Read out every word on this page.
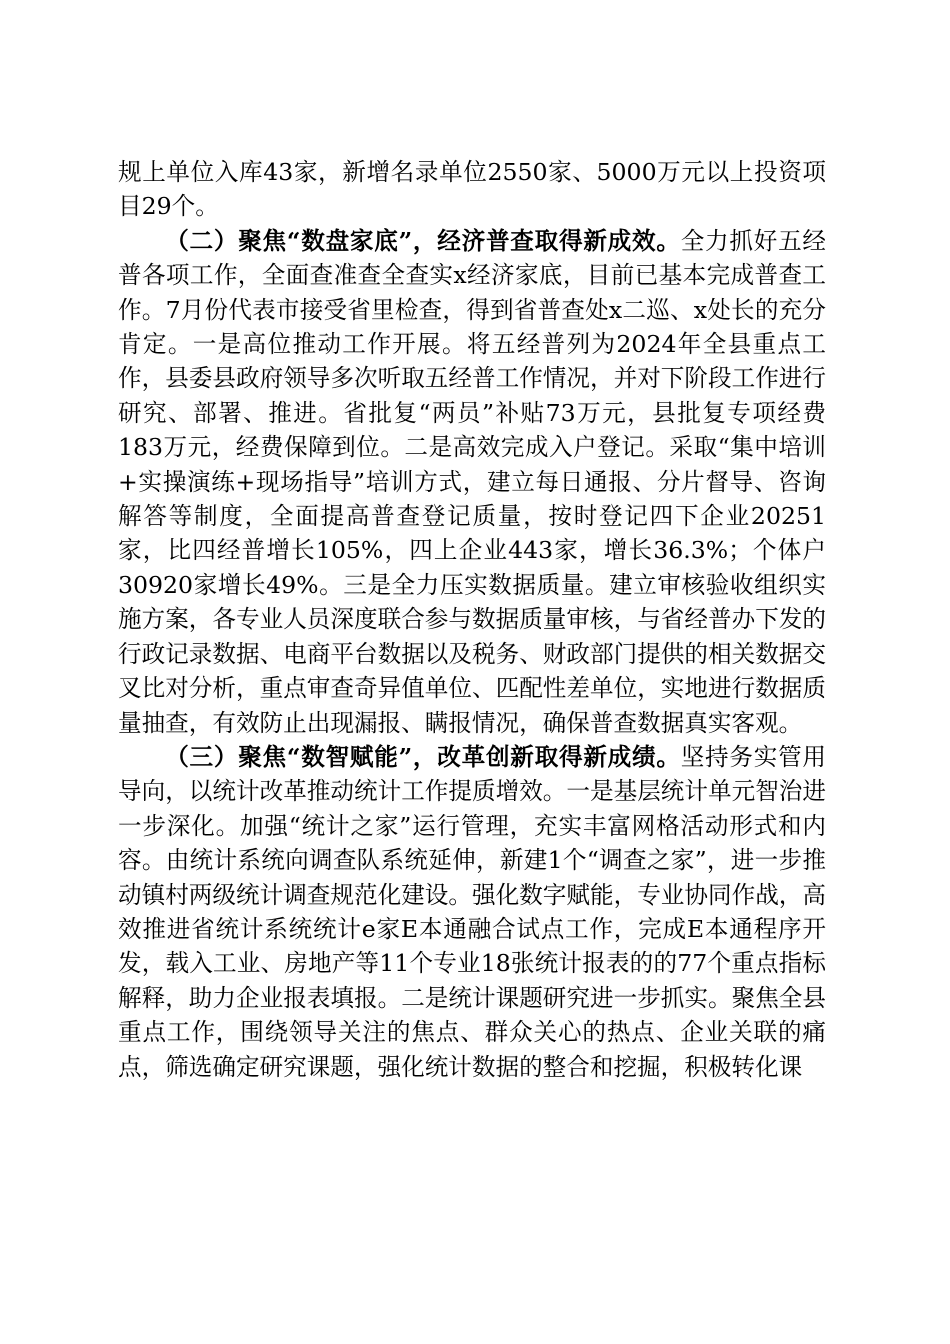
规上单位入库43家，新增名录单位2550家、5000万元以上投资项目29个。

（二）聚焦“数盘家底”，经济普查取得新成效。全力抓好五经普各项工作，全面查准查全查实x经济家底，目前已基本完成普查工作。7月份代表市接受省里检查，得到省普查处x二巡、x处长的充分肯定。一是高位推动工作开展。将五经普列为2024年全县重点工作，县委县政府领导多次听取五经普工作情况，并对下阶段工作进行研究、部署、推进。省批复“两员”补贴73万元，县批复专项经费183万元，经费保障到位。二是高效完成入户登记。采取“集中培训+实操演练+现场指导”培训方式，建立每日通报、分片督导、咨询解答等制度，全面提高普查登记质量，按时登记四下企业20251家，比四经普增长105%，四上企业443家，增长36.3%；个体户30920家增长49%。三是全力压实数据质量。建立审核验收组织实施方案，各专业人员深度联合参与数据质量审核，与省经普办下发的行政记录数据、电商平台数据以及税务、财政部门提供的相关数据交叉比对分析，重点审查奇异值单位、匹配性差单位，实地进行数据质量抽查，有效防止出现漏报、瞒报情况，确保普查数据真实客观。

（三）聚焦“数智赋能”，改革创新取得新成绩。坚持务实管用导向，以统计改革推动统计工作提质增效。一是基层统计单元智治进一步深化。加强“统计之家”运行管理，充实丰富网格活动形式和内容。由统计系统向调查队系统延伸，新建1个“调查之家”，进一步推动镇村两级统计调查规范化建设。强化数字赋能，专业协同作战，高效推进省统计系统统计e家E本通融合试点工作，完成E本通程序开发，载入工业、房地产等11个专业18张统计报表的的77个重点指标解释，助力企业报表填报。二是统计课题研究进一步抓实。聚焦全县重点工作，围绕领导关注的焦点、群众关心的热点、企业关联的痛点，筛选确定研究课题，强化统计数据的整合和挖掘，积极转化课
